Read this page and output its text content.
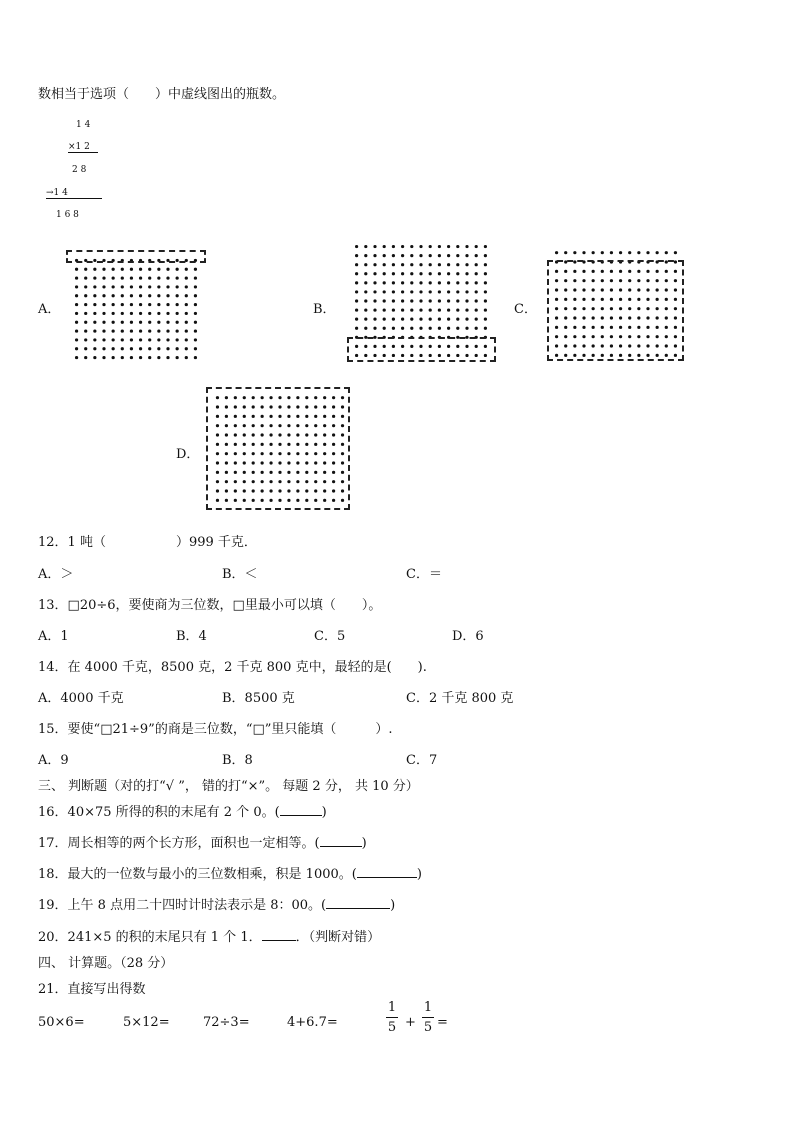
数相当于选项（　　）中虚线图出的瓶数。
1 4
×1 2
2 8
→1 4
1 6 8
A．	B．	C．
D．
12．1 吨（	）999 千克．
A．＞	B．＜	C．＝
13．□20÷6，要使商为三位数，□里最小可以填（　　）。
A．1	B．4	C．5	D．6
14．在 4000 千克，8500 克，2 千克 800 克中，最轻的是(　　).
A．4000 千克	B．8500 克	C．2 千克 800 克
15．要使“□21÷9”的商是三位数，“□”里只能填（　　　）.
A．9	B．8	C．7
三、 判断题（对的打“√ ”， 错的打“×”。 每题 2 分， 共 10 分）
16．40×75 所得的积的末尾有 2 个 0。(	)
17．周长相等的两个长方形，面积也一定相等。(	)
18．最大的一位数与最小的三位数相乘，积是 1000。(	)
19．上午 8 点用二十四时计时法表示是 8：00。(	)
20．241×5 的积的末尾只有 1 个 1．	．（判断对错）
四、 计算题。（28 分）
21．直接写出得数
50×6=	5×12=	72÷3=	4+6.7=
1
5 +
1
5 =
